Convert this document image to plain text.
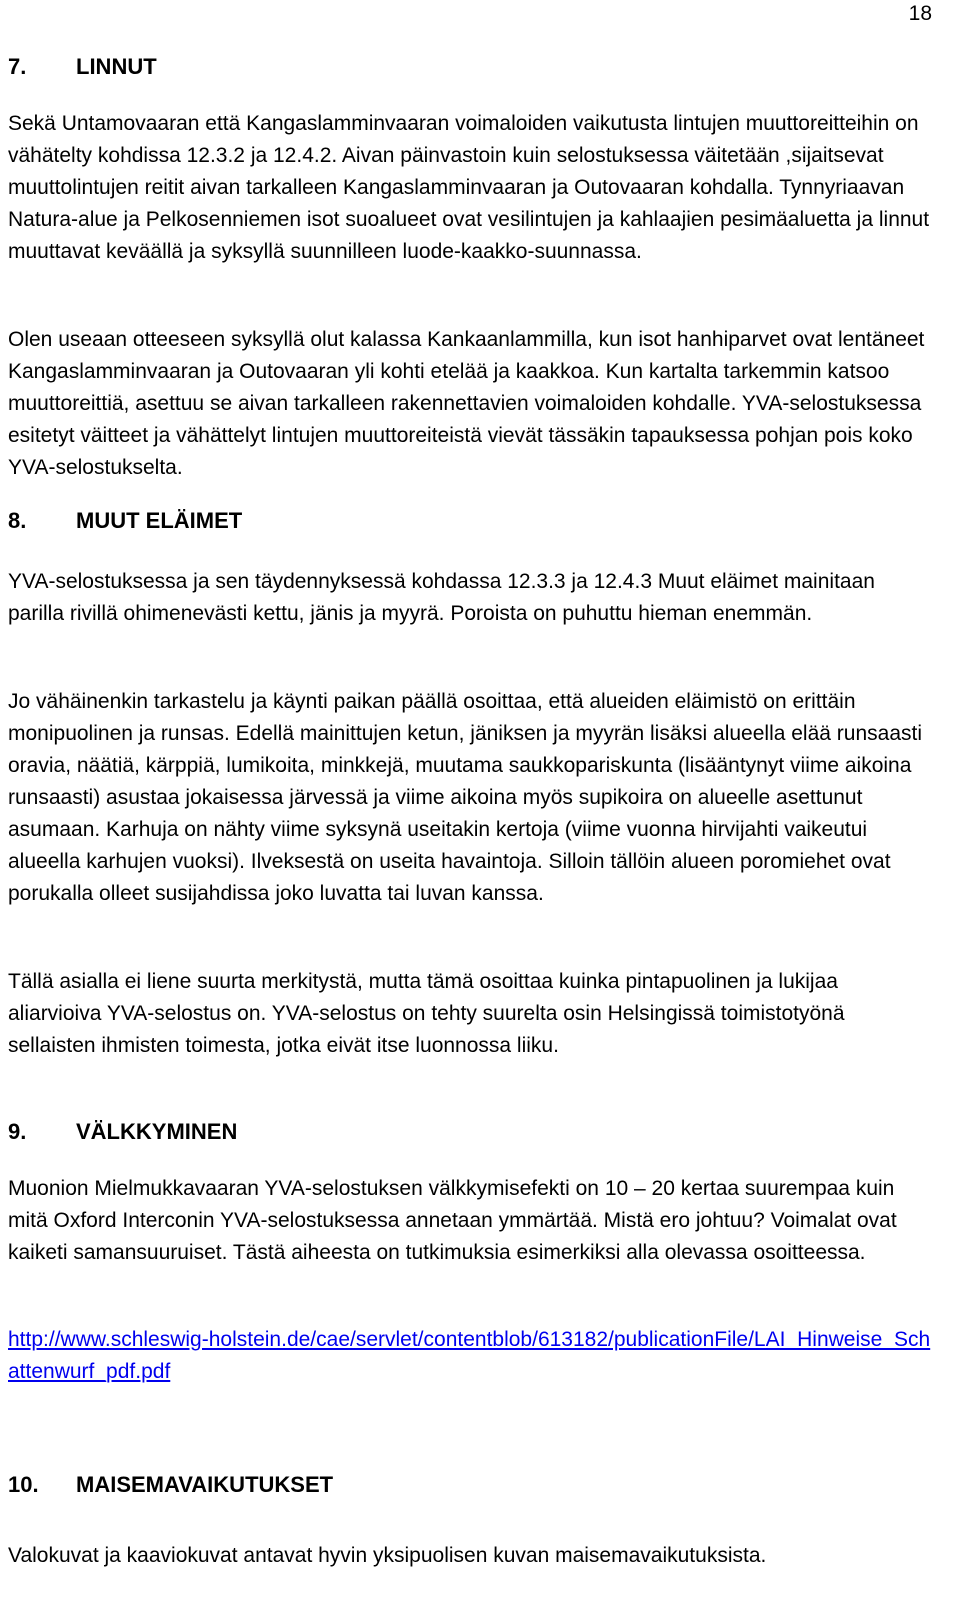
18
7.	LINNUT

Sekä Untamovaaran että Kangaslamminvaaran voimaloiden vaikutusta lintujen muuttoreitteihin on vähätelty kohdissa 12.3.2 ja 12.4.2. Aivan päinvastoin kuin selostuksessa väitetään ,sijaitsevat muuttolintujen reitit aivan tarkalleen Kangaslamminvaaran ja Outovaaran kohdalla. Tynnyriaavan Natura-alue ja Pelkosenniemen isot suoalueet ovat vesilintujen ja kahlaajien pesimäaluetta ja linnut muuttavat keväällä ja syksyllä suunnilleen luode-kaakko-suunnassa.

Olen useaan otteeseen syksyllä olut kalassa Kankaanlammilla, kun isot hanhiparvet ovat lentäneet Kangaslamminvaaran ja Outovaaran yli kohti etelää ja kaakkoa. Kun kartalta tarkemmin katsoo muuttoreittiä, asettuu se aivan tarkalleen rakennettavien voimaloiden kohdalle. YVA-selostuksessa esitetyt väitteet ja vähättelyt lintujen muuttoreiteistä vievät tässäkin tapauksessa pohjan pois koko YVA-selostukselta.

8.	MUUT ELÄIMET

YVA-selostuksessa ja sen täydennyksessä kohdassa 12.3.3 ja 12.4.3 Muut eläimet mainitaan parilla rivillä ohimenevästi kettu, jänis ja myyrä. Poroista on puhuttu hieman enemmän.

Jo vähäinenkin tarkastelu ja käynti paikan päällä osoittaa, että alueiden eläimistö on erittäin monipuolinen ja runsas. Edellä mainittujen ketun, jäniksen ja myyrän lisäksi alueella elää runsaasti oravia, näätiä, kärppiä, lumikoita, minkkejä, muutama saukkopariskunta (lisääntynyt viime aikoina runsaasti) asustaa jokaisessa järvessä ja viime aikoina myös supikoira on alueelle asettunut asumaan. Karhuja on nähty viime syksynä useitakin kertoja (viime vuonna hirvijahti vaikeutui alueella karhujen vuoksi). Ilveksestä on useita havaintoja. Silloin tällöin alueen poromiehet ovat porukalla olleet susijahdissa joko luvatta tai luvan kanssa.

Tällä asialla ei liene suurta merkitystä, mutta tämä osoittaa kuinka pintapuolinen ja lukijaa aliarvioiva YVA-selostus on. YVA-selostus on tehty suurelta osin Helsingissä toimistotyönä sellaisten ihmisten toimesta, jotka eivät itse luonnossa liiku.

9.	VÄLKKYMINEN

Muonion Mielmukkavaaran YVA-selostuksen välkkymisefekti on 10 – 20 kertaa suurempaa kuin mitä Oxford Interconin YVA-selostuksessa annetaan ymmärtää. Mistä ero johtuu? Voimalat ovat kaiketi samansuuruiset. Tästä aiheesta on tutkimuksia esimerkiksi alla olevassa osoitteessa.

http://www.schleswig-holstein.de/cae/servlet/contentblob/613182/publicationFile/LAI_Hinweise_Schattenwurf_pdf.pdf

10.	MAISEMAVAIKUTUKSET

Valokuvat ja kaaviokuvat antavat hyvin yksipuolisen kuvan maisemavaikutuksista.
